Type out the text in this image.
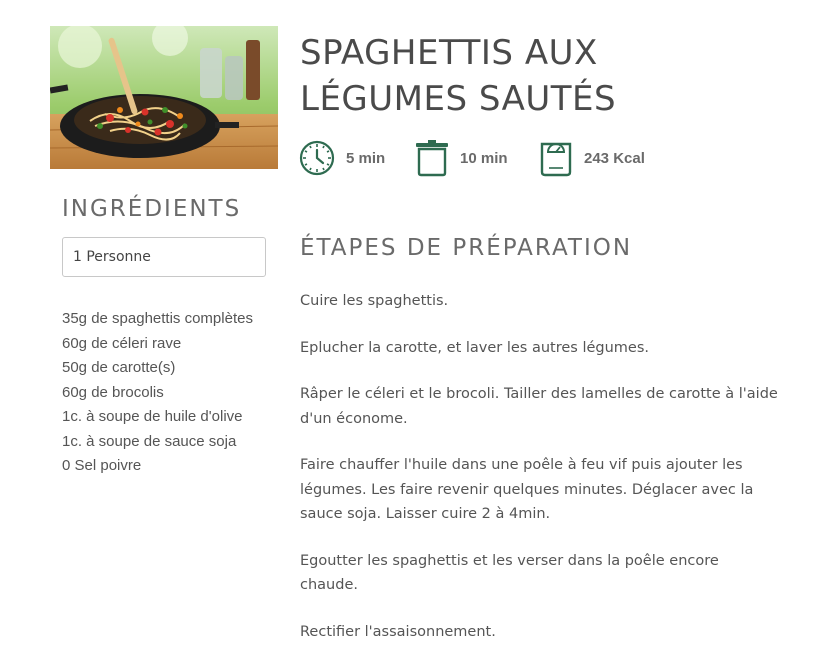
SPAGHETTIS AUX
LÉGUMES SAUTÉS
5 min	10 min	243 Kcal
INGRÉDIENTS
1 Personne
35g de spaghettis complètes
60g de céleri rave
50g de carotte(s)
60g de brocolis
1c. à soupe de huile d'olive
1c. à soupe de sauce soja
0 Sel poivre
ÉTAPES DE PRÉPARATION
Cuire les spaghettis.
Eplucher la carotte, et laver les autres légumes.
Râper le céleri et le brocoli. Tailler des lamelles de carotte à l'aide d'un économe.
Faire chauffer l'huile dans une poêle à feu vif puis ajouter les légumes. Les faire revenir quelques minutes. Déglacer avec la sauce soja. Laisser cuire 2 à 4min.
Egoutter les spaghettis et les verser dans la poêle encore chaude.
Rectifier l'assaisonnement.
